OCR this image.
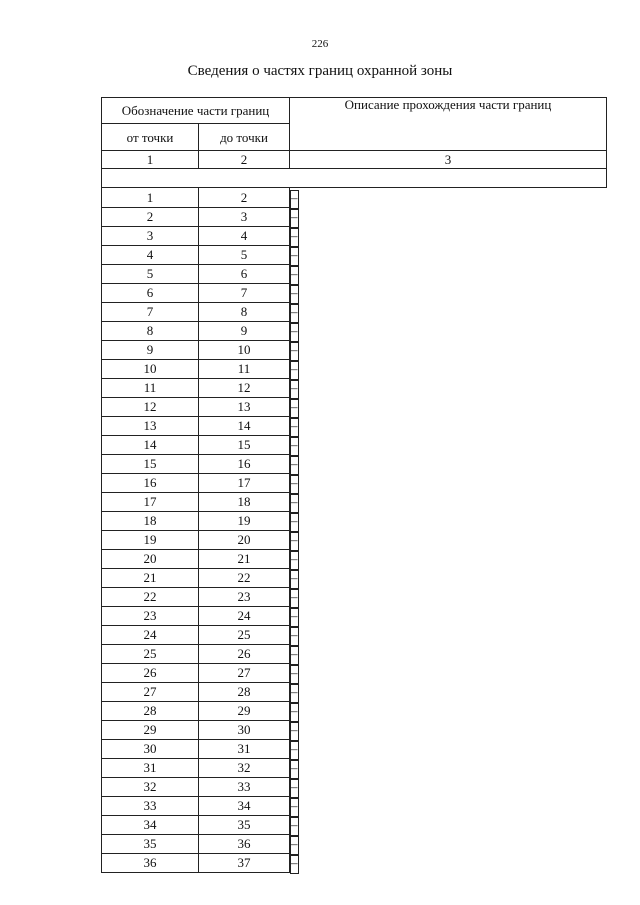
226
Сведения о частях границ охранной зоны
Обозначение части границ		Описание прохождения части границ
от точки	до точки	
1	2	3

1	2		–
2	3		–
3	4		–
4	5		–
5	6		–
6	7		–
7	8		–
8	9		–
9	10		–
10	11		–
11	12		–
12	13		–
13	14		–
14	15		–
15	16		–
16	17		–
17	18		–
18	19		–
19	20		–
20	21		–
21	22		–
22	23		–
23	24		–
24	25		–
25	26		–
26	27		–
27	28		–
28	29		–
29	30		–
30	31		–
31	32		–
32	33		–
33	34		–
34	35		–
35	36		–
36	37		–
